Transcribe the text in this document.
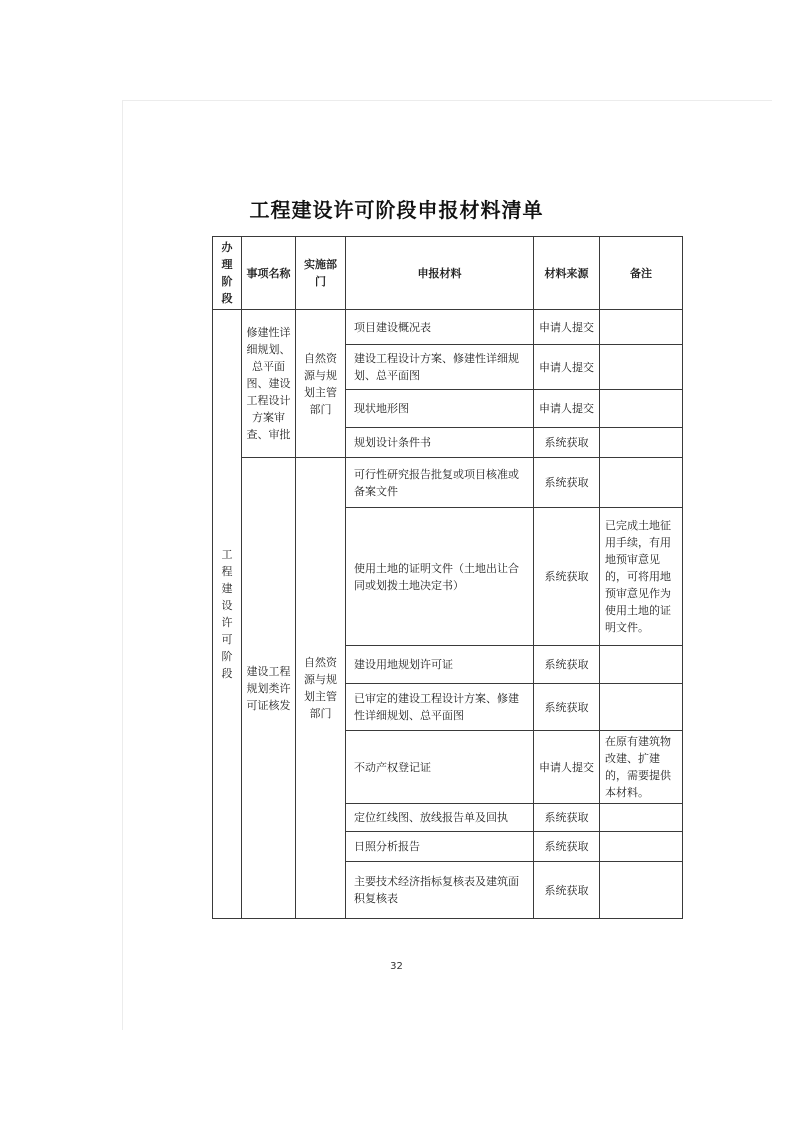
工程建设许可阶段申报材料清单
办理阶段	事项名称	实施部门	申报材料	材料来源	备注
工程建设许可阶段	修建性详细规划、总平面图、建设工程设计方案审查、审批	自然资源与规划主管部门	项目建设概况表	申请人提交	
			建设工程设计方案、修建性详细规划、总平面图	申请人提交	
			现状地形图	申请人提交	
			规划设计条件书	系统获取	
	建设工程规划类许可证核发	自然资源与规划主管部门	可行性研究报告批复或项目核准或备案文件	系统获取	
			使用土地的证明文件（土地出让合同或划拨土地决定书）	系统获取	已完成土地征用手续，有用地预审意见的，可将用地预审意见作为使用土地的证明文件。
			建设用地规划许可证	系统获取	
			已审定的建设工程设计方案、修建性详细规划、总平面图	系统获取	
			不动产权登记证	申请人提交	在原有建筑物改建、扩建的，需要提供本材料。
			定位红线图、放线报告单及回执	系统获取	
			日照分析报告	系统获取	
			主要技术经济指标复核表及建筑面积复核表	系统获取	
32
